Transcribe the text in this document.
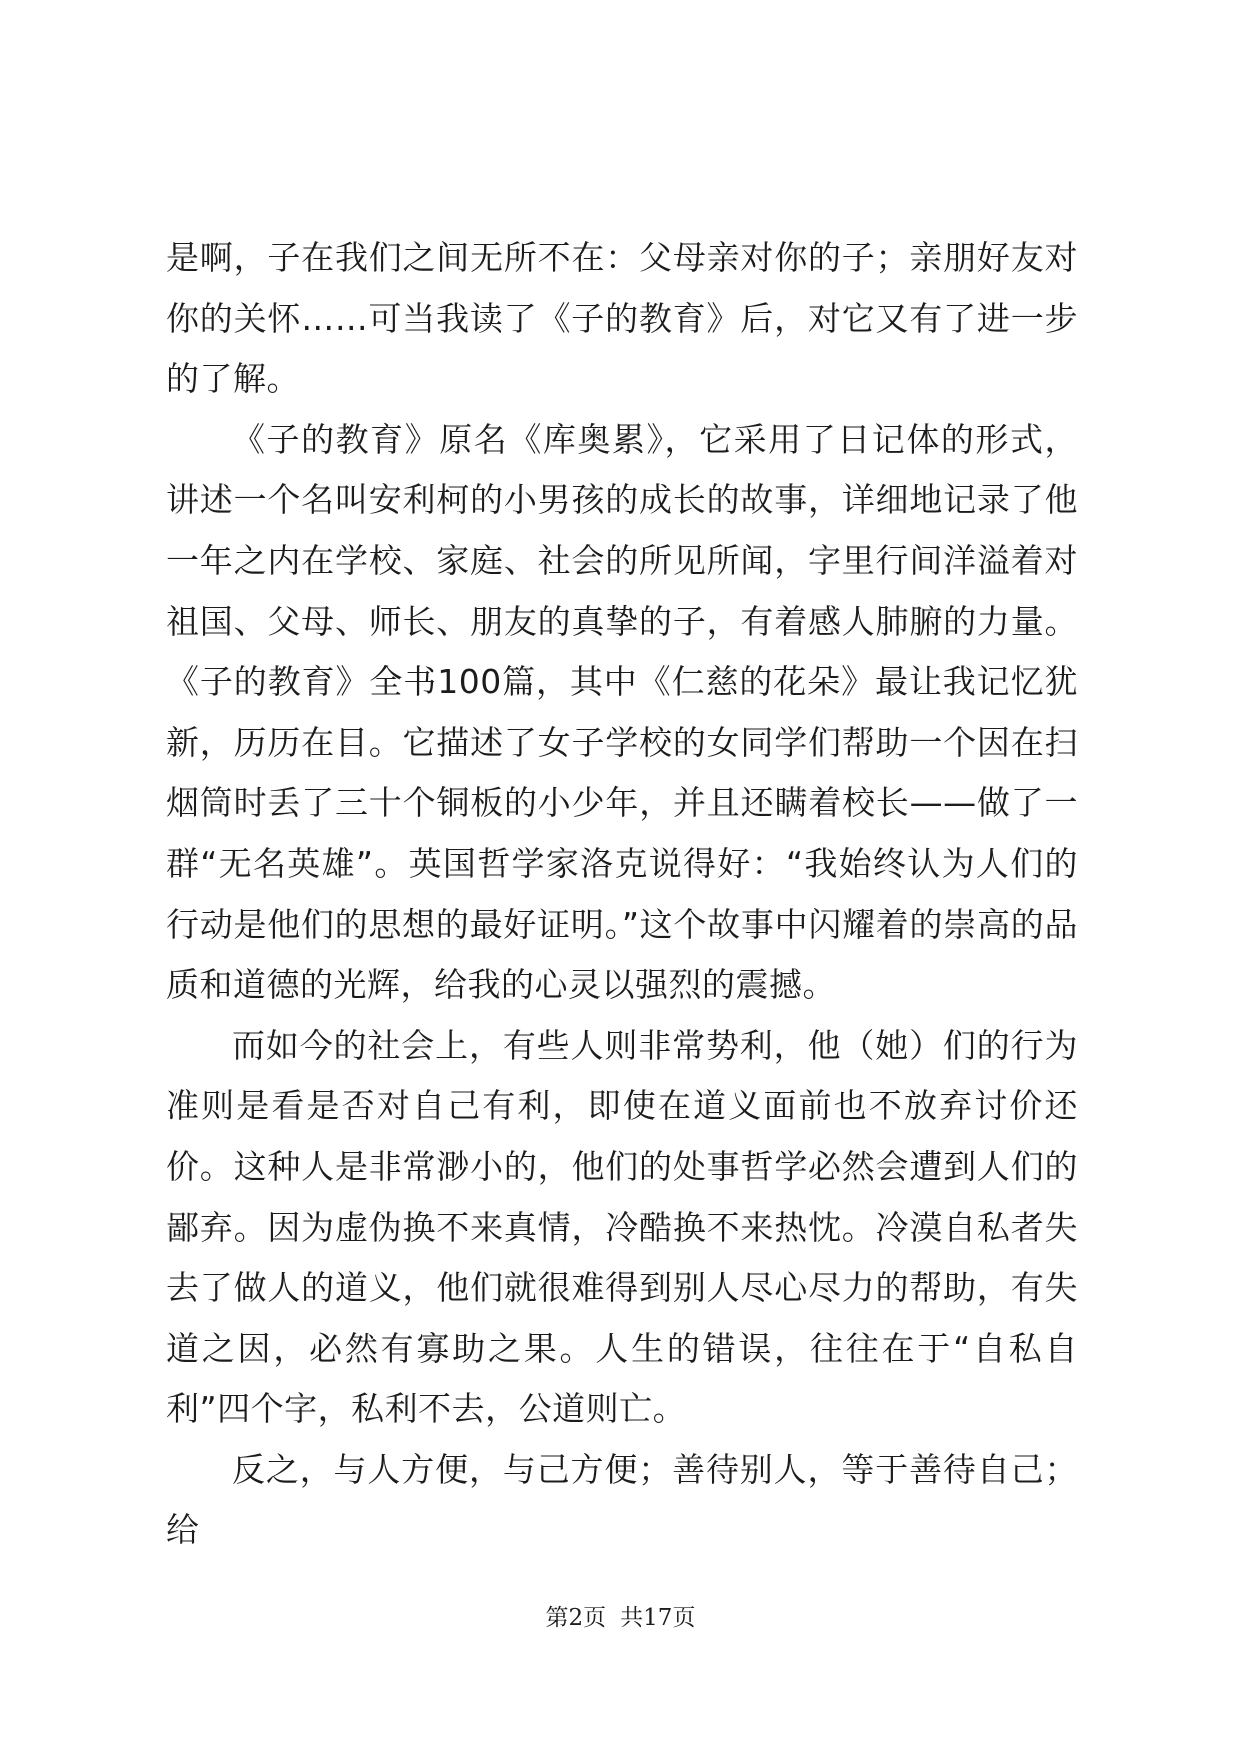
是啊，子在我们之间无所不在：父母亲对你的子；亲朋好友对你的关怀……可当我读了《子的教育》后，对它又有了进一步的了解。

《子的教育》原名《库奥累》，它采用了日记体的形式，讲述一个名叫安利柯的小男孩的成长的故事，详细地记录了他一年之内在学校、家庭、社会的所见所闻，字里行间洋溢着对祖国、父母、师长、朋友的真挚的子，有着感人肺腑的力量。《子的教育》全书100篇，其中《仁慈的花朵》最让我记忆犹新，历历在目。它描述了女子学校的女同学们帮助一个因在扫烟筒时丢了三十个铜板的小少年，并且还瞒着校长——做了一群“无名英雄”。英国哲学家洛克说得好：“我始终认为人们的行动是他们的思想的最好证明。”这个故事中闪耀着的崇高的品质和道德的光辉，给我的心灵以强烈的震撼。

而如今的社会上，有些人则非常势利，他（她）们的行为准则是看是否对自己有利，即使在道义面前也不放弃讨价还价。这种人是非常渺小的，他们的处事哲学必然会遭到人们的鄙弃。因为虚伪换不来真情，冷酷换不来热忱。冷漠自私者失去了做人的道义，他们就很难得到别人尽心尽力的帮助，有失道之因，必然有寡助之果。人生的错误，往往在于“自私自利”四个字，私利不去，公道则亡。

反之，与人方便，与己方便；善待别人，等于善待自己；给

第2页 共17页
